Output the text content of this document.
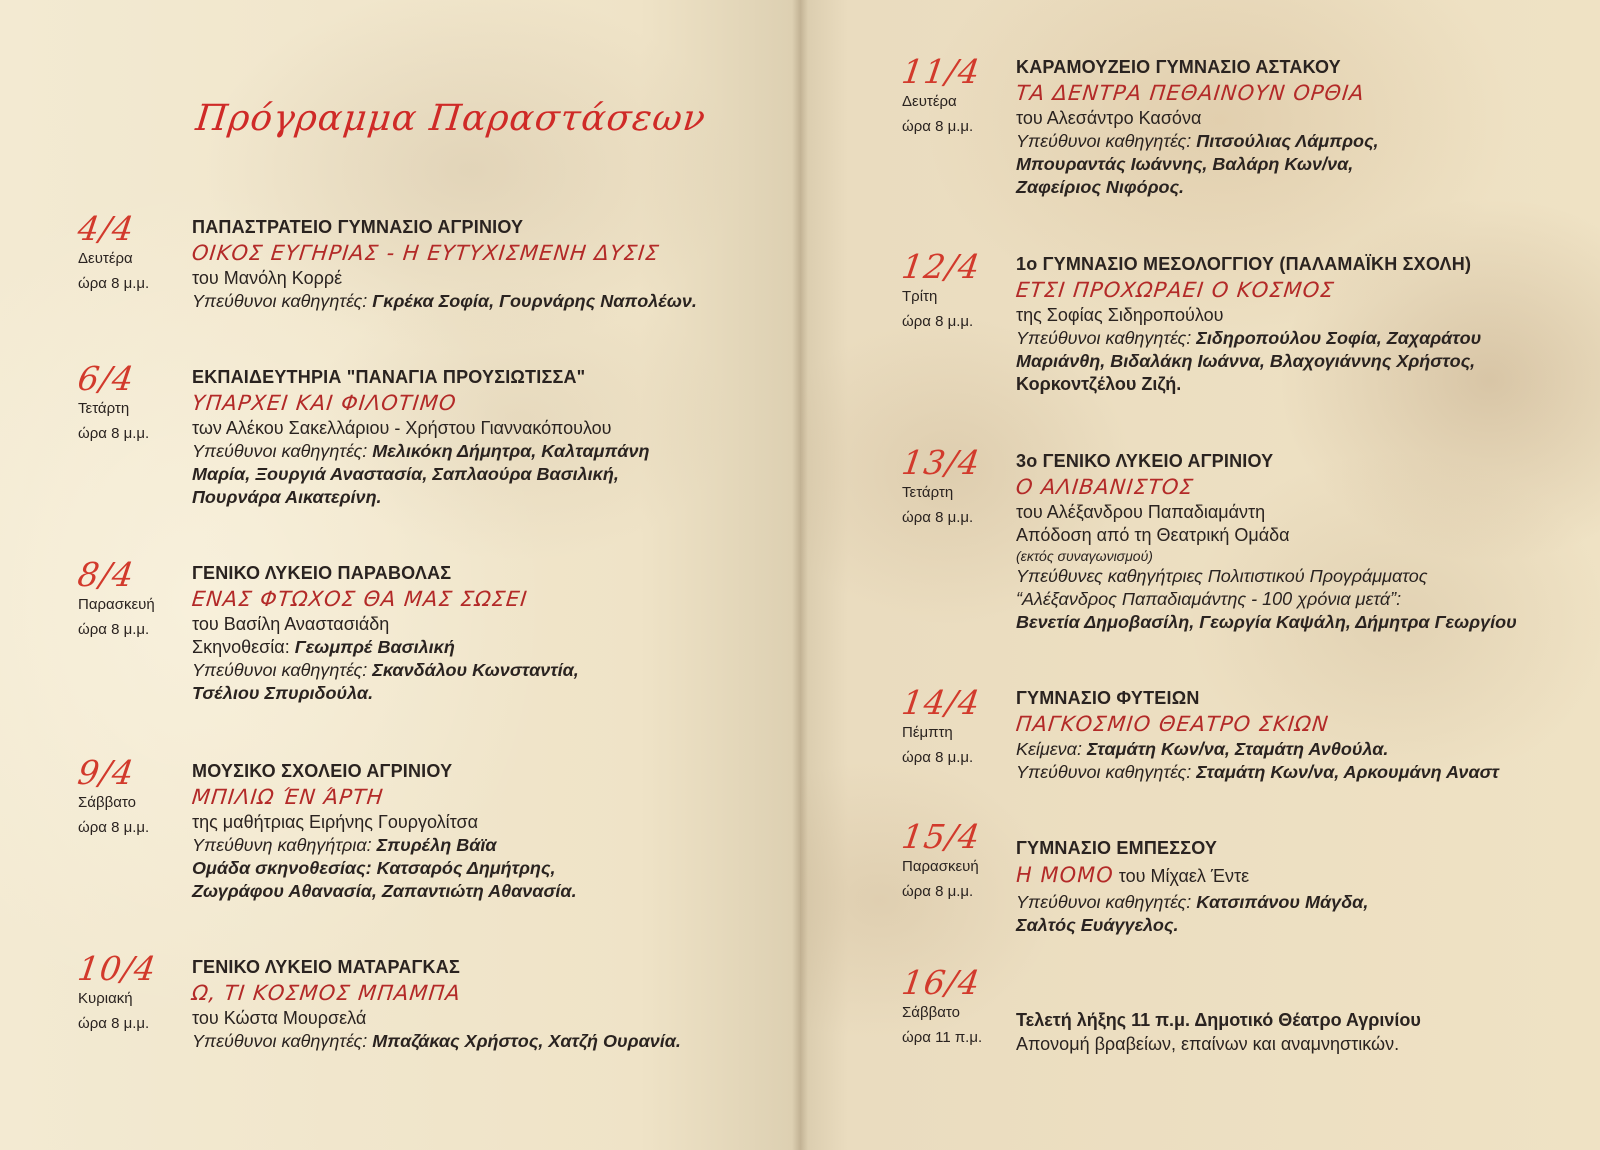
Πρόγραμμα Παραστάσεων
4/4
Δευτέρα
ώρα 8 μ.μ.
ΠΑΠΑΣΤΡΑΤΕΙΟ ΓΥΜΝΑΣΙΟ ΑΓΡΙΝΙΟΥ
ΟΙΚΟΣ ΕΥΓΗΡΙΑΣ - Η ΕΥΤΥΧΙΣΜΕΝΗ ΔΥΣΙΣ
του Μανόλη Κορρέ
Υπεύθυνοι καθηγητές: Γκρέκα Σοφία, Γουρνάρης Ναπολέων.
6/4
Τετάρτη
ώρα 8 μ.μ.
ΕΚΠΑΙΔΕΥΤΗΡΙΑ "ΠΑΝΑΓΙΑ ΠΡΟΥΣΙΩΤΙΣΣΑ"
ΥΠΑΡΧΕΙ ΚΑΙ ΦΙΛΟΤΙΜΟ
των Αλέκου Σακελλάριου - Χρήστου Γιαννακόπουλου
Υπεύθυνοι καθηγητές: Μελικόκη Δήμητρα, Καλταμπάνη
Μαρία, Ξουργιά Αναστασία, Σαπλαούρα Βασιλική,
Πουρνάρα Αικατερίνη.
8/4
Παρασκευή
ώρα 8 μ.μ.
ΓΕΝΙΚΟ ΛΥΚΕΙΟ ΠΑΡΑΒΟΛΑΣ
ΕΝΑΣ ΦΤΩΧΟΣ ΘΑ ΜΑΣ ΣΩΣΕΙ
του Βασίλη Αναστασιάδη
Σκηνοθεσία: Γεωμπρέ Βασιλική
Υπεύθυνοι καθηγητές: Σκανδάλου Κωνσταντία,
Τσέλιου Σπυριδούλα.
9/4
Σάββατο
ώρα 8 μ.μ.
ΜΟΥΣΙΚΟ ΣΧΟΛΕΙΟ ΑΓΡΙΝΙΟΥ
ΜΠΙΛΙΩ ΈΝ ΆΡΤΗ
της μαθήτριας Ειρήνης Γουργολίτσα
Υπεύθυνη καθηγήτρια: Σπυρέλη Βάϊα
Ομάδα σκηνοθεσίας: Κατσαρός Δημήτρης,
Ζωγράφου Αθανασία, Ζαπαντιώτη Αθανασία.
10/4
Κυριακή
ώρα 8 μ.μ.
ΓΕΝΙΚΟ ΛΥΚΕΙΟ ΜΑΤΑΡΑΓΚΑΣ
Ω, ΤΙ ΚΟΣΜΟΣ ΜΠΑΜΠΑ
του Κώστα Μουρσελά
Υπεύθυνοι καθηγητές: Μπαζάκας Χρήστος, Χατζή Ουρανία.
11/4
Δευτέρα
ώρα 8 μ.μ.
ΚΑΡΑΜΟΥΖΕΙΟ ΓΥΜΝΑΣΙΟ ΑΣΤΑΚΟΥ
ΤΑ ΔΕΝΤΡΑ ΠΕΘΑΙΝΟΥΝ ΟΡΘΙΑ
του Αλεσάντρο Κασόνα
Υπεύθυνοι καθηγητές: Πιτσούλιας Λάμπρος,
Μπουραντάς Ιωάννης, Βαλάρη Κων/να,
Ζαφείριος Νιφόρος.
12/4
Τρίτη
ώρα 8 μ.μ.
1ο ΓΥΜΝΑΣΙΟ ΜΕΣΟΛΟΓΓΙΟΥ (ΠΑΛΑΜΑΪΚΗ ΣΧΟΛΗ)
ΕΤΣΙ ΠΡΟΧΩΡΑΕΙ Ο ΚΟΣΜΟΣ
της Σοφίας Σιδηροπούλου
Υπεύθυνοι καθηγητές: Σιδηροπούλου Σοφία, Ζαχαράτου
Μαριάνθη, Βιδαλάκη Ιωάννα, Βλαχογιάννης Χρήστος,
Κορκοντζέλου Ζιζή.
13/4
Τετάρτη
ώρα 8 μ.μ.
3ο ΓΕΝΙΚΟ ΛΥΚΕΙΟ ΑΓΡΙΝΙΟΥ
Ο ΑΛΙΒΑΝΙΣΤΟΣ
του Αλέξανδρου Παπαδιαμάντη
Απόδοση από τη Θεατρική Ομάδα
(εκτός συναγωνισμού)
Υπεύθυνες καθηγήτριες Πολιτιστικού Προγράμματος
“Αλέξανδρος Παπαδιαμάντης - 100 χρόνια μετά”:
Βενετία Δημοβασίλη, Γεωργία Καψάλη, Δήμητρα Γεωργίου
14/4
Πέμπτη
ώρα 8 μ.μ.
ΓΥΜΝΑΣΙΟ ΦΥΤΕΙΩΝ
ΠΑΓΚΟΣΜΙΟ ΘΕΑΤΡΟ ΣΚΙΩΝ
Κείμενα: Σταμάτη Κων/να, Σταμάτη Ανθούλα.
Υπεύθυνοι καθηγητές: Σταμάτη Κων/να, Αρκουμάνη Αναστ
15/4
Παρασκευή
ώρα 8 μ.μ.
ΓΥΜΝΑΣΙΟ ΕΜΠΕΣΣΟΥ
Η ΜΟΜΟ του Μίχαελ Έντε
Υπεύθυνοι καθηγητές: Κατσιπάνου Μάγδα,
Σαλτός Ευάγγελος.
16/4
Σάββατο
ώρα 11 π.μ.
Τελετή λήξης 11 π.μ. Δημοτικό Θέατρο Αγρινίου
Απονομή βραβείων, επαίνων και αναμνηστικών.
